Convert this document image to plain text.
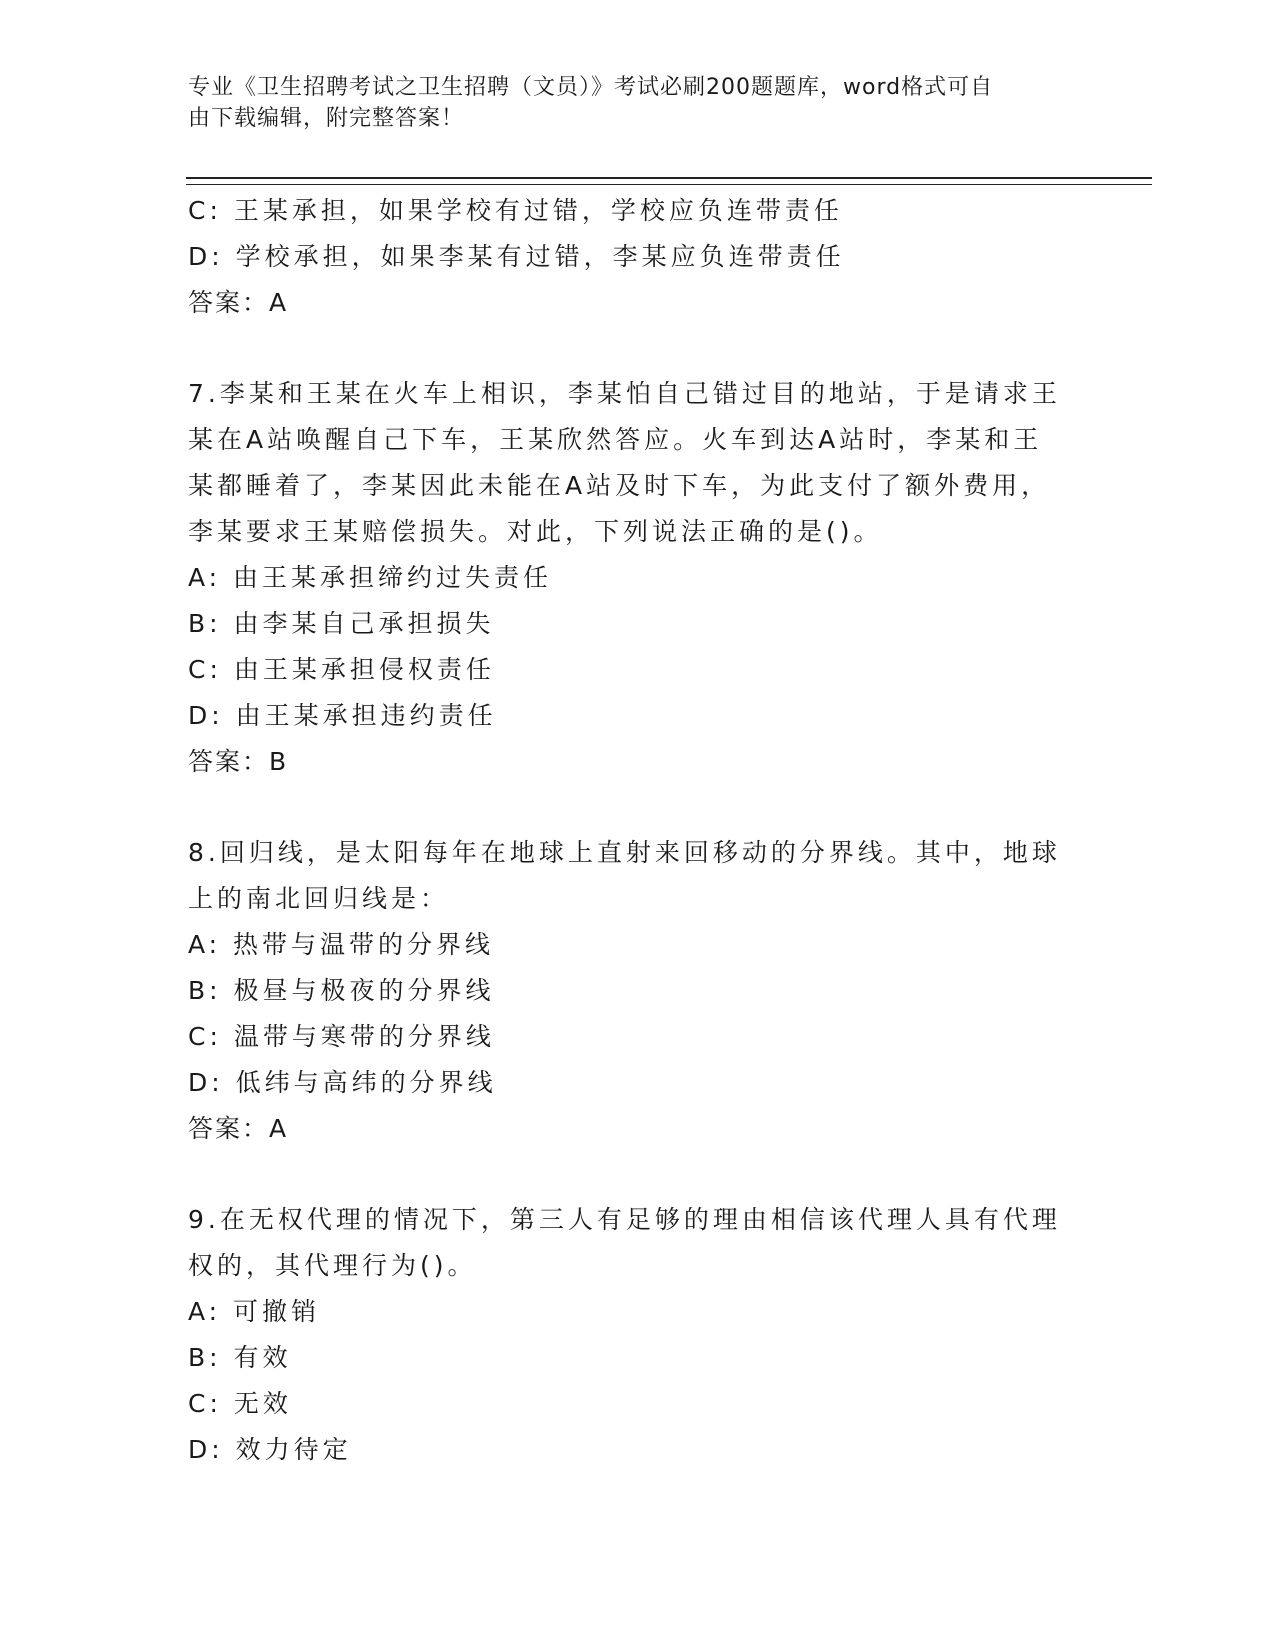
专业《卫生招聘考试之卫生招聘（文员）》考试必刷200题题库，word格式可自
由下载编辑，附完整答案！
C: 王某承担，如果学校有过错，学校应负连带责任
D: 学校承担，如果李某有过错，李某应负连带责任
答案：A
7.李某和王某在火车上相识，李某怕自己错过目的地站，于是请求王
某在A站唤醒自己下车，王某欣然答应。火车到达A站时，李某和王
某都睡着了，李某因此未能在A站及时下车，为此支付了额外费用，
李某要求王某赔偿损失。对此，下列说法正确的是()。
A: 由王某承担缔约过失责任
B: 由李某自己承担损失
C: 由王某承担侵权责任
D: 由王某承担违约责任
答案：B
8.回归线，是太阳每年在地球上直射来回移动的分界线。其中，地球
上的南北回归线是：
A: 热带与温带的分界线
B: 极昼与极夜的分界线
C: 温带与寒带的分界线
D: 低纬与高纬的分界线
答案：A
9.在无权代理的情况下，第三人有足够的理由相信该代理人具有代理
权的，其代理行为()。
A: 可撤销
B: 有效
C: 无效
D: 效力待定
